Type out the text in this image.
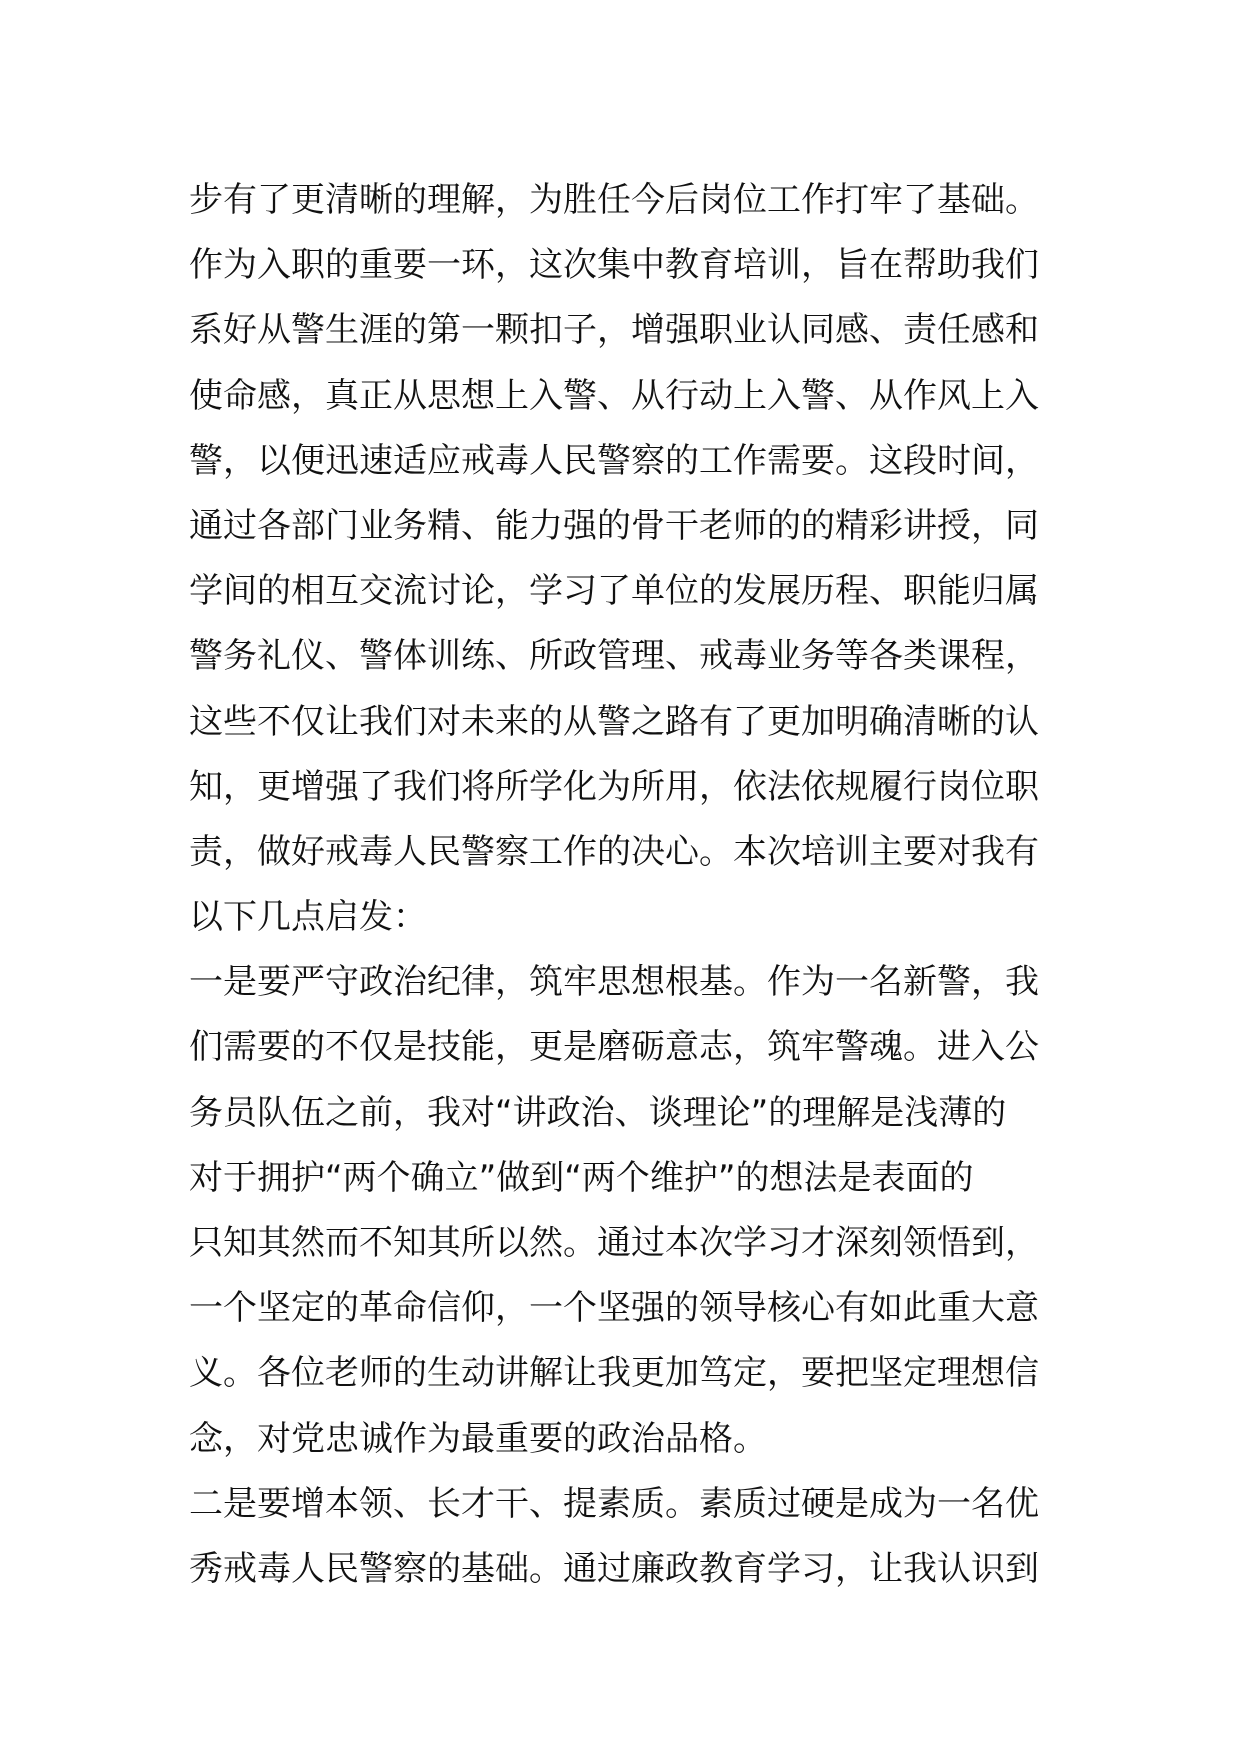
步有了更清晰的理解，为胜任今后岗位工作打牢了基础。
作为入职的重要一环，这次集中教育培训，旨在帮助我们
系好从警生涯的第一颗扣子，增强职业认同感、责任感和
使命感，真正从思想上入警、从行动上入警、从作风上入
警，以便迅速适应戒毒人民警察的工作需要。这段时间，
通过各部门业务精、能力强的骨干老师的的精彩讲授，同
学间的相互交流讨论，学习了单位的发展历程、职能归属
警务礼仪、警体训练、所政管理、戒毒业务等各类课程，
这些不仅让我们对未来的从警之路有了更加明确清晰的认
知，更增强了我们将所学化为所用，依法依规履行岗位职
责，做好戒毒人民警察工作的决心。本次培训主要对我有
以下几点启发：
一是要严守政治纪律，筑牢思想根基。作为一名新警，我
们需要的不仅是技能，更是磨砺意志，筑牢警魂。进入公
务员队伍之前，我对“讲政治、谈理论”的理解是浅薄的
对于拥护“两个确立”做到“两个维护”的想法是表面的
只知其然而不知其所以然。通过本次学习才深刻领悟到，
一个坚定的革命信仰，一个坚强的领导核心有如此重大意
义。各位老师的生动讲解让我更加笃定，要把坚定理想信
念，对党忠诚作为最重要的政治品格。
二是要增本领、长才干、提素质。素质过硬是成为一名优
秀戒毒人民警察的基础。通过廉政教育学习，让我认识到
